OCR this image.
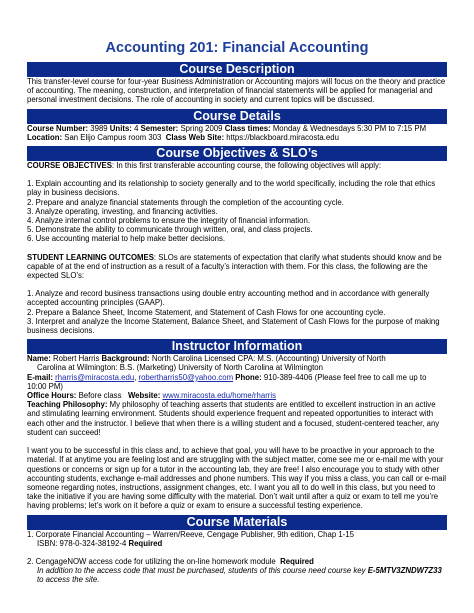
Accounting 201: Financial Accounting
Course Description

This transfer-level course for four-year Business Administration or Accounting majors will focus on the theory and practice of accounting. The meaning, construction, and interpretation of financial statements will be applied for managerial and personal investment decisions. The role of accounting in society and current topics will be discussed.

Course Details

Course Number: 3989 Units: 4 Semester: Spring 2009 Class times: Monday & Wednesdays 5:30 PM to 7:15 PM

Location: San Elijo Campus room 303 Class Web Site: https://blackboard.miracosta.edu

Course Objectives & SLO’s

COURSE OBJECTIVES: In this first transferable accounting course, the following objectives will apply:

1. Explain accounting and its relationship to society generally and to the world specifically, including the role that ethics play in business decisions.

2. Prepare and analyze financial statements through the completion of the accounting cycle.

3. Analyze operating, investing, and financing activities.

4. Analyze internal control problems to ensure the integrity of financial information.

5. Demonstrate the ability to communicate through written, oral, and class projects.

6. Use accounting material to help make better decisions.

STUDENT LEARNING OUTCOMES: SLOs are statements of expectation that clarify what students should know and be capable of at the end of instruction as a result of a faculty’s interaction with them. For this class, the following are the expected SLO’s:

1. Analyze and record business transactions using double entry accounting method and in accordance with generally accepted accounting principles (GAAP).

2. Prepare a Balance Sheet, Income Statement, and Statement of Cash Flows for one accounting cycle.

3. Interpret and analyze the Income Statement, Balance Sheet, and Statement of Cash Flows for the purpose of making business decisions.

Instructor Information

Name: Robert Harris Background: North Carolina Licensed CPA: M.S. (Accounting) University of North

Carolina at Wilmington: B.S. (Marketing) University of North Carolina at Wilmington

E-mail: rharris@miracosta.edu, robertharris50@yahoo.com Phone: 910-389-4406 (Please feel free to call me up to 10:00 PM)

Office Hours: Before class Website: www.miracosta.edu/home/rharris

Teaching Philosophy: My philosophy of teaching asserts that students are entitled to excellent instruction in an active and stimulating learning environment. Students should experience frequent and repeated opportunities to interact with each other and the instructor. I believe that when there is a willing student and a focused, student-centered teacher, any student can succeed!

I want you to be successful in this class and, to achieve that goal, you will have to be proactive in your approach to the material. If at anytime you are feeling lost and are struggling with the subject matter, come see me or e-mail me with your questions or concerns or sign up for a tutor in the accounting lab, they are free! I also encourage you to study with other accounting students, exchange e-mail addresses and phone numbers. This way if you miss a class, you can call or e-mail someone regarding notes, instructions, assignment changes, etc. I want you all to do well in this class, but you need to take the initiative if you are having some difficulty with the material. Don’t wait until after a quiz or exam to tell me you’re having problems; let’s work on it before a quiz or exam to ensure a successful testing experience.

Course Materials

1. Corporate Financial Accounting – Warren/Reeve, Cengage Publisher, 9th edition, Chap 1-15

ISBN: 978-0-324-38192-4 Required

2. CengageNOW access code for utilizing the on-line homework module Required

In addition to the access code that must be purchased, students of this course need course key E-5MTV3ZNDW7Z33 to access the site.
